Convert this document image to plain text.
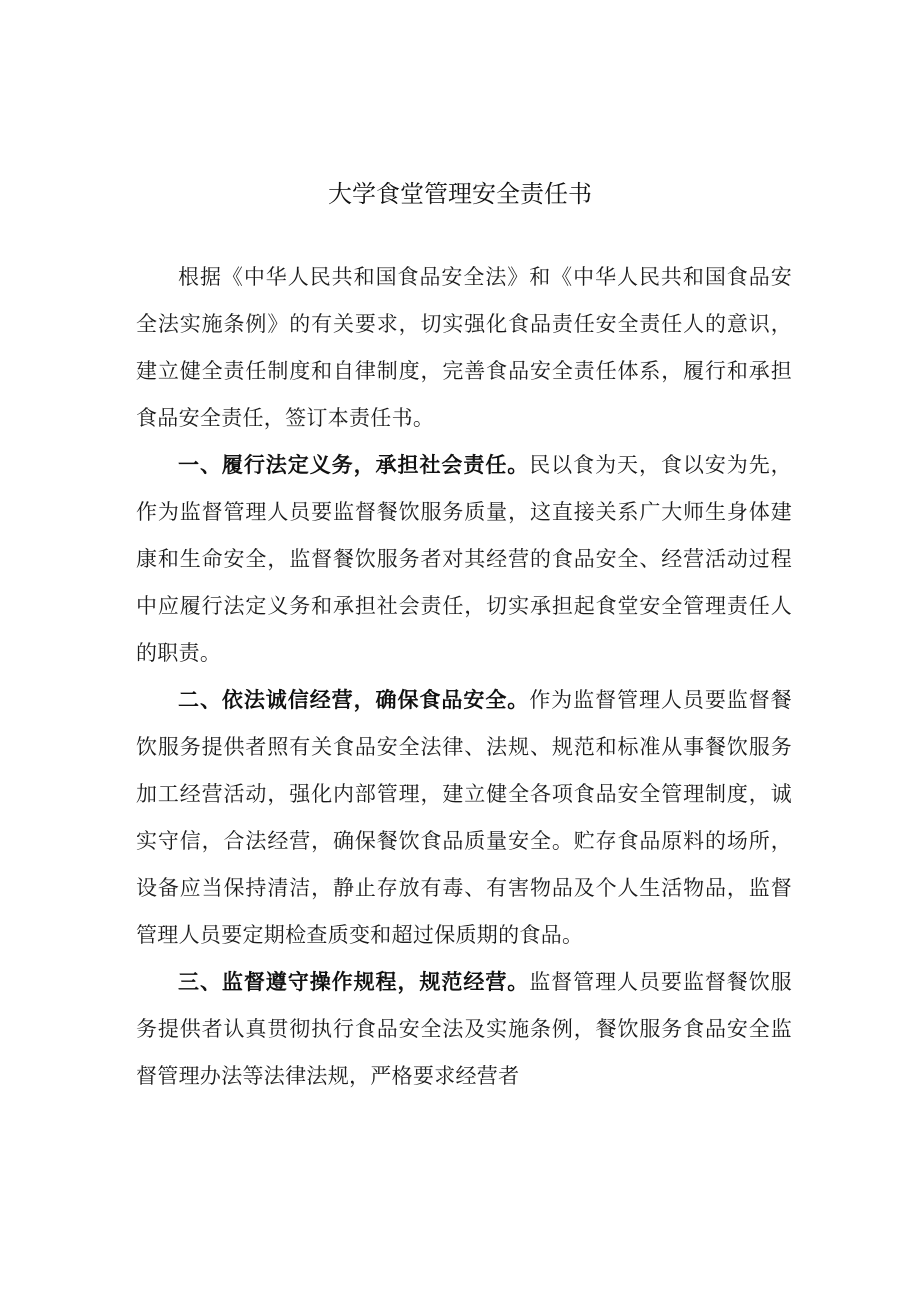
大学食堂管理安全责任书

根据《中华人民共和国食品安全法》和《中华人民共和国食品安全法实施条例》的有关要求，切实强化食品责任安全责任人的意识，建立健全责任制度和自律制度，完善食品安全责任体系，履行和承担食品安全责任，签订本责任书。

一、履行法定义务，承担社会责任。民以食为天，食以安为先，作为监督管理人员要监督餐饮服务质量，这直接关系广大师生身体建康和生命安全，监督餐饮服务者对其经营的食品安全、经营活动过程中应履行法定义务和承担社会责任，切实承担起食堂安全管理责任人的职责。

二、依法诚信经营，确保食品安全。作为监督管理人员要监督餐饮服务提供者照有关食品安全法律、法规、规范和标准从事餐饮服务加工经营活动，强化内部管理，建立健全各项食品安全管理制度，诚实守信，合法经营，确保餐饮食品质量安全。贮存食品原料的场所，设备应当保持清洁，静止存放有毒、有害物品及个人生活物品，监督管理人员要定期检查质变和超过保质期的食品。

三、监督遵守操作规程，规范经营。监督管理人员要监督餐饮服务提供者认真贯彻执行食品安全法及实施条例，餐饮服务食品安全监督管理办法等法律法规，严格要求经营者
